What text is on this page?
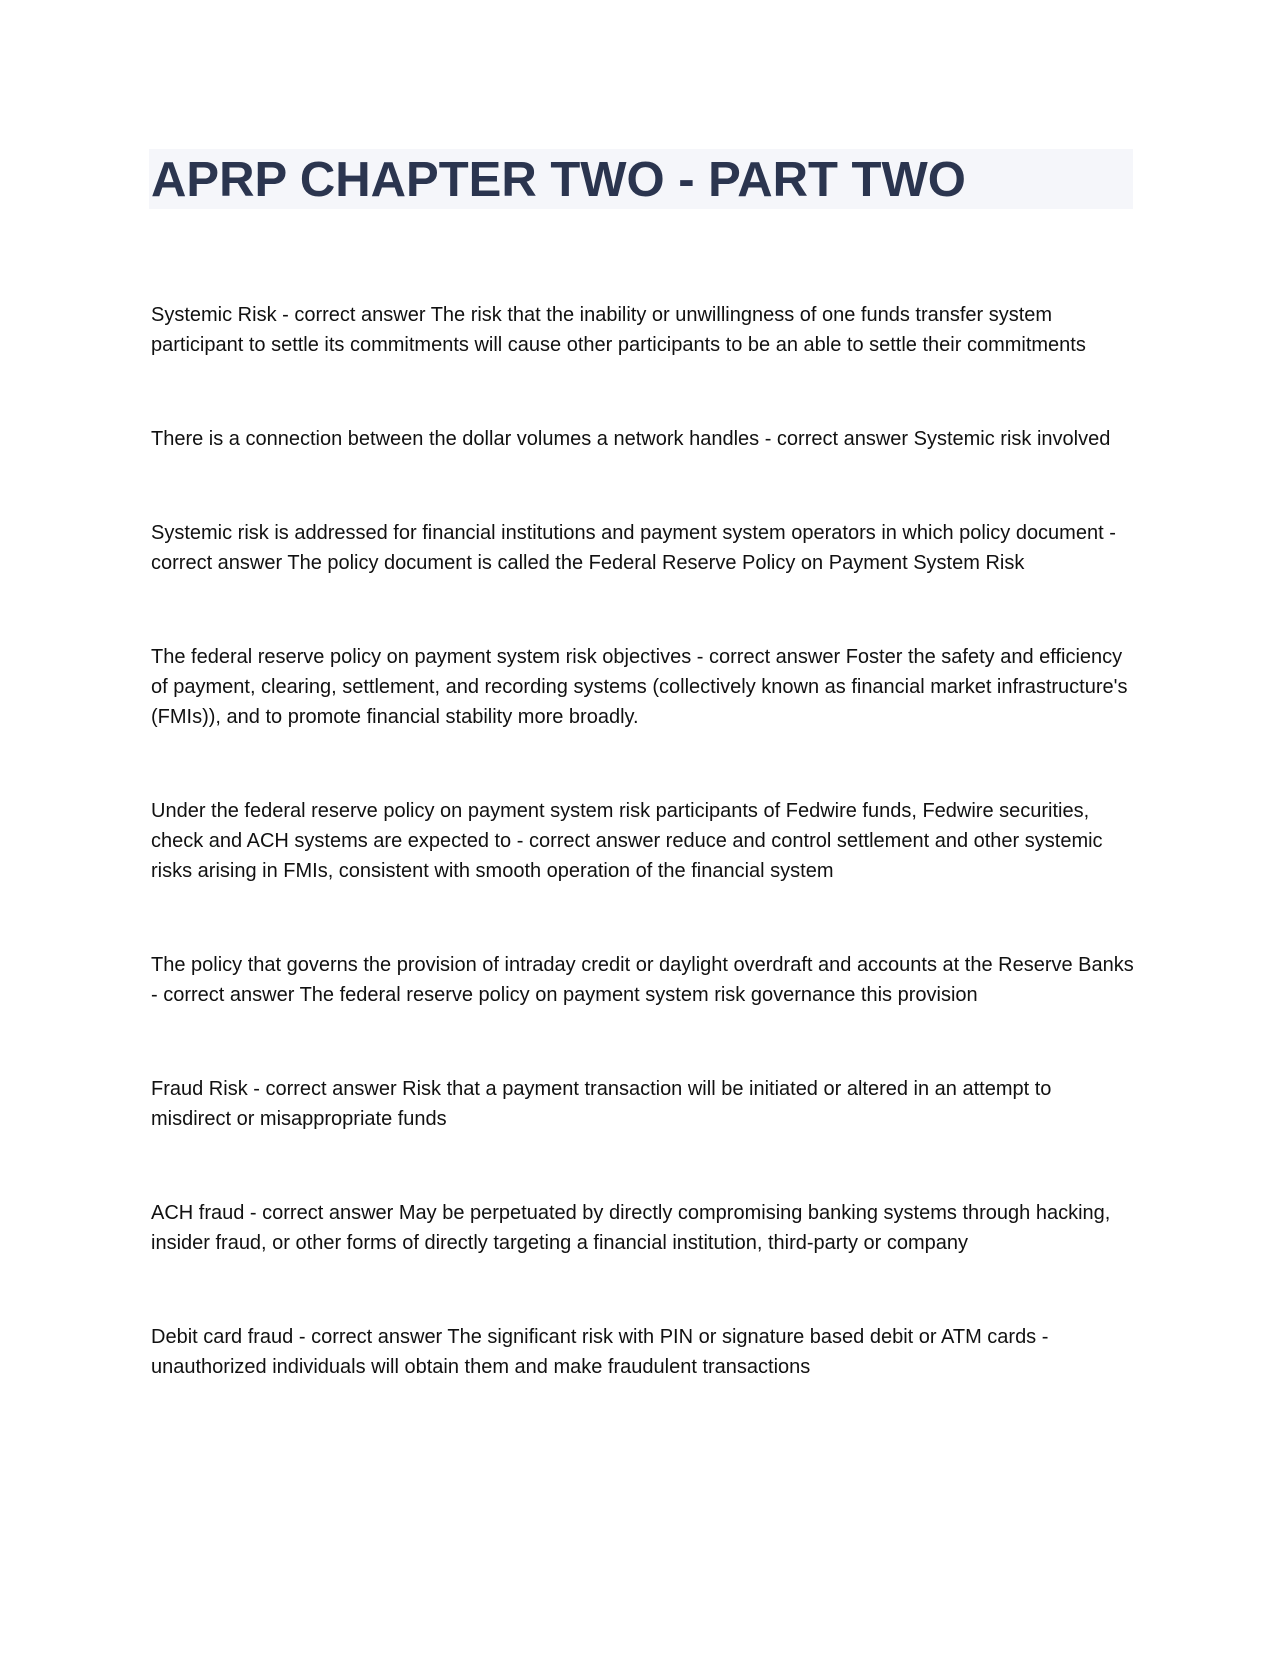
APRP CHAPTER TWO - PART TWO

Systemic Risk - correct answer The risk that the inability or unwillingness of one funds transfer system participant to settle its commitments will cause other participants to be an able to settle their commitments

There is a connection between the dollar volumes a network handles - correct answer Systemic risk involved

Systemic risk is addressed for financial institutions and payment system operators in which policy document - correct answer The policy document is called the Federal Reserve Policy on Payment System Risk

The federal reserve policy on payment system risk objectives - correct answer Foster the safety and efficiency of payment, clearing, settlement, and recording systems (collectively known as financial market infrastructure's (FMIs)), and to promote financial stability more broadly.

Under the federal reserve policy on payment system risk participants of Fedwire funds, Fedwire securities, check and ACH systems are expected to - correct answer reduce and control settlement and other systemic risks arising in FMIs, consistent with smooth operation of the financial system

The policy that governs the provision of intraday credit or daylight overdraft and accounts at the Reserve Banks - correct answer The federal reserve policy on payment system risk governance this provision

Fraud Risk - correct answer Risk that a payment transaction will be initiated or altered in an attempt to misdirect or misappropriate funds

ACH fraud - correct answer May be perpetuated by directly compromising banking systems through hacking, insider fraud, or other forms of directly targeting a financial institution, third-party or company

Debit card fraud - correct answer The significant risk with PIN or signature based debit or ATM cards - unauthorized individuals will obtain them and make fraudulent transactions
